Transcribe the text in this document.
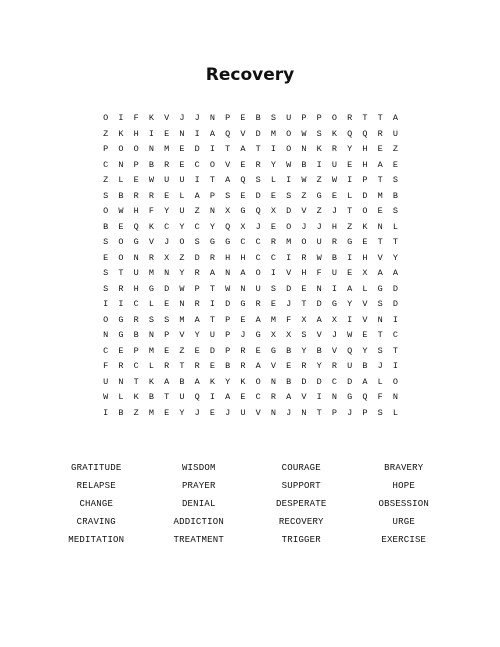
Recovery
O	I	F	K	V	J	J	N	P	E	B	S	U	P	P	O	R	T	T	A
Z	K	H	I	E	N	I	A	Q	V	D	M	O	W	S	K	Q	Q	R	U
P	O	O	N	M	E	D	I	T	A	T	I	O	N	K	R	Y	H	E	Z
C	N	P	B	R	E	C	O	V	E	R	Y	W	B	I	U	E	H	A	E
Z	L	E	W	U	U	I	T	A	Q	S	L	I	W	Z	W	I	P	T	S
S	B	R	R	E	L	A	P	S	E	D	E	S	Z	G	E	L	D	M	B
O	W	H	F	Y	U	Z	N	X	G	Q	X	D	V	Z	J	T	O	E	S
B	E	Q	K	C	Y	C	Y	Q	X	J	E	O	J	J	H	Z	K	N	L
S	O	G	V	J	O	S	G	G	C	C	R	M	O	U	R	G	E	T	T
E	O	N	R	X	Z	D	R	H	H	C	C	I	R	W	B	I	H	V	Y
S	T	U	M	N	Y	R	A	N	A	O	I	V	H	F	U	E	X	A	A
S	R	H	G	D	W	P	T	W	N	U	S	D	E	N	I	A	L	G	D
I	I	C	L	E	N	R	I	D	G	R	E	J	T	D	G	Y	V	S	D
O	G	R	S	S	M	A	T	P	E	A	M	F	X	A	X	I	V	N	I
N	G	B	N	P	V	Y	U	P	J	G	X	X	S	V	J	W	E	T	C
C	E	P	M	E	Z	E	D	P	R	E	G	B	Y	B	V	Q	Y	S	T
F	R	C	L	R	T	R	E	B	R	A	V	E	R	Y	R	U	B	J	I
U	N	T	K	A	B	A	K	Y	K	O	N	B	D	D	C	D	A	L	O
W	L	K	B	T	U	Q	I	A	E	C	R	A	V	I	N	G	Q	F	N
I	B	Z	M	E	Y	J	E	J	U	V	N	J	N	T	P	J	P	S	L
GRATITUDE	WISDOM	COURAGE	BRAVERY
RELAPSE	PRAYER	SUPPORT	HOPE
CHANGE	DENIAL	DESPERATE	OBSESSION
CRAVING	ADDICTION	RECOVERY	URGE
MEDITATION	TREATMENT	TRIGGER	EXERCISE
